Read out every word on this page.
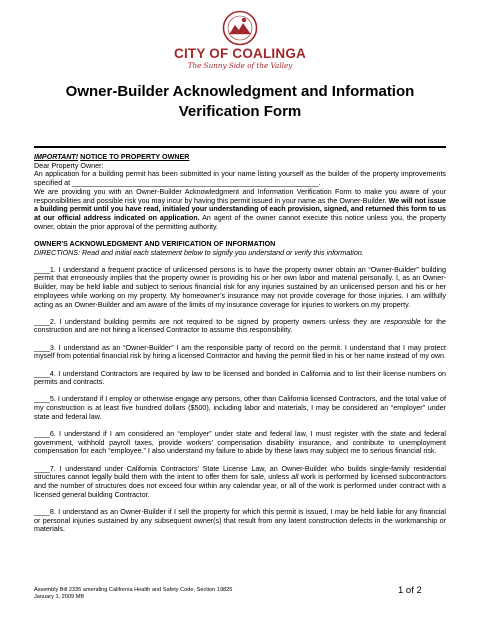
CITY OF COALINGA
The Sunny Side of the Valley
Owner-Builder Acknowledgment and Information
Verification Form

IMPORTANT! NOTICE TO PROPERTY OWNER

Dear Property Owner:

An application for a building permit has been submitted in your name listing yourself as the builder of the property improvements specified at ______________________________________________________________.

We are providing you with an Owner-Builder Acknowledgment and Information Verification Form to make you aware of your responsibilities and possible risk you may incur by having this permit issued in your name as the Owner-Builder. We will not issue a building permit until you have read, initialed your understanding of each provision, signed, and returned this form to us at our official address indicated on application. An agent of the owner cannot execute this notice unless you, the property owner, obtain the prior approval of the permitting authority.

OWNER'S ACKNOWLEDGMENT AND VERIFICATION OF INFORMATION

DIRECTIONS: Read and initial each statement below to signify you understand or verify this information.

____1. I understand a frequent practice of unlicensed persons is to have the property owner obtain an “Owner-Builder” building permit that erroneously implies that the property owner is providing his or her own labor and material personally. I, as an Owner-Builder, may be held liable and subject to serious financial risk for any injuries sustained by an unlicensed person and his or her employees while working on my property. My homeowner’s insurance may not provide coverage for those injuries. I am willfully acting as an Owner-Builder and am aware of the limits of my insurance coverage for injuries to workers on my property.

____2. I understand building permits are not required to be signed by property owners unless they are responsible for the construction and are not hiring a licensed Contractor to assume this responsibility.

____3. I understand as an “Owner-Builder” I am the responsible party of record on the permit. I understand that I may protect myself from potential financial risk by hiring a licensed Contractor and having the permit filed in his or her name instead of my own.

____4. I understand Contractors are required by law to be licensed and bonded in California and to list their license numbers on permits and contracts.

____5. I understand if I employ or otherwise engage any persons, other than California licensed Contractors, and the total value of my construction is at least five hundred dollars ($500), including labor and materials, I may be considered an “employer” under state and federal law.

____6. I understand if I am considered an “employer” under state and federal law, I must register with the state and federal government, withhold payroll taxes, provide workers’ compensation disability insurance, and contribute to unemployment compensation for each “employee.” I also understand my failure to abide by these laws may subject me to serious financial risk.

____7. I understand under California Contractors’ State License Law, an Owner-Builder who builds single-family residential structures cannot legally build them with the intent to offer them for sale, unless all work is performed by licensed subcontractors and the number of structures does not exceed four within any calendar year, or all of the work is performed under contract with a licensed general building Contractor.

____8. I understand as an Owner-Builder if I sell the property for which this permit is issued, I may be held liable for any financial or personal injuries sustained by any subsequent owner(s) that result from any latent construction defects in the workmanship or materials.

Assembly Bill 2335 amending California Health and Safety Code, Section 19825
January 1, 2009 MB
1 of 2
